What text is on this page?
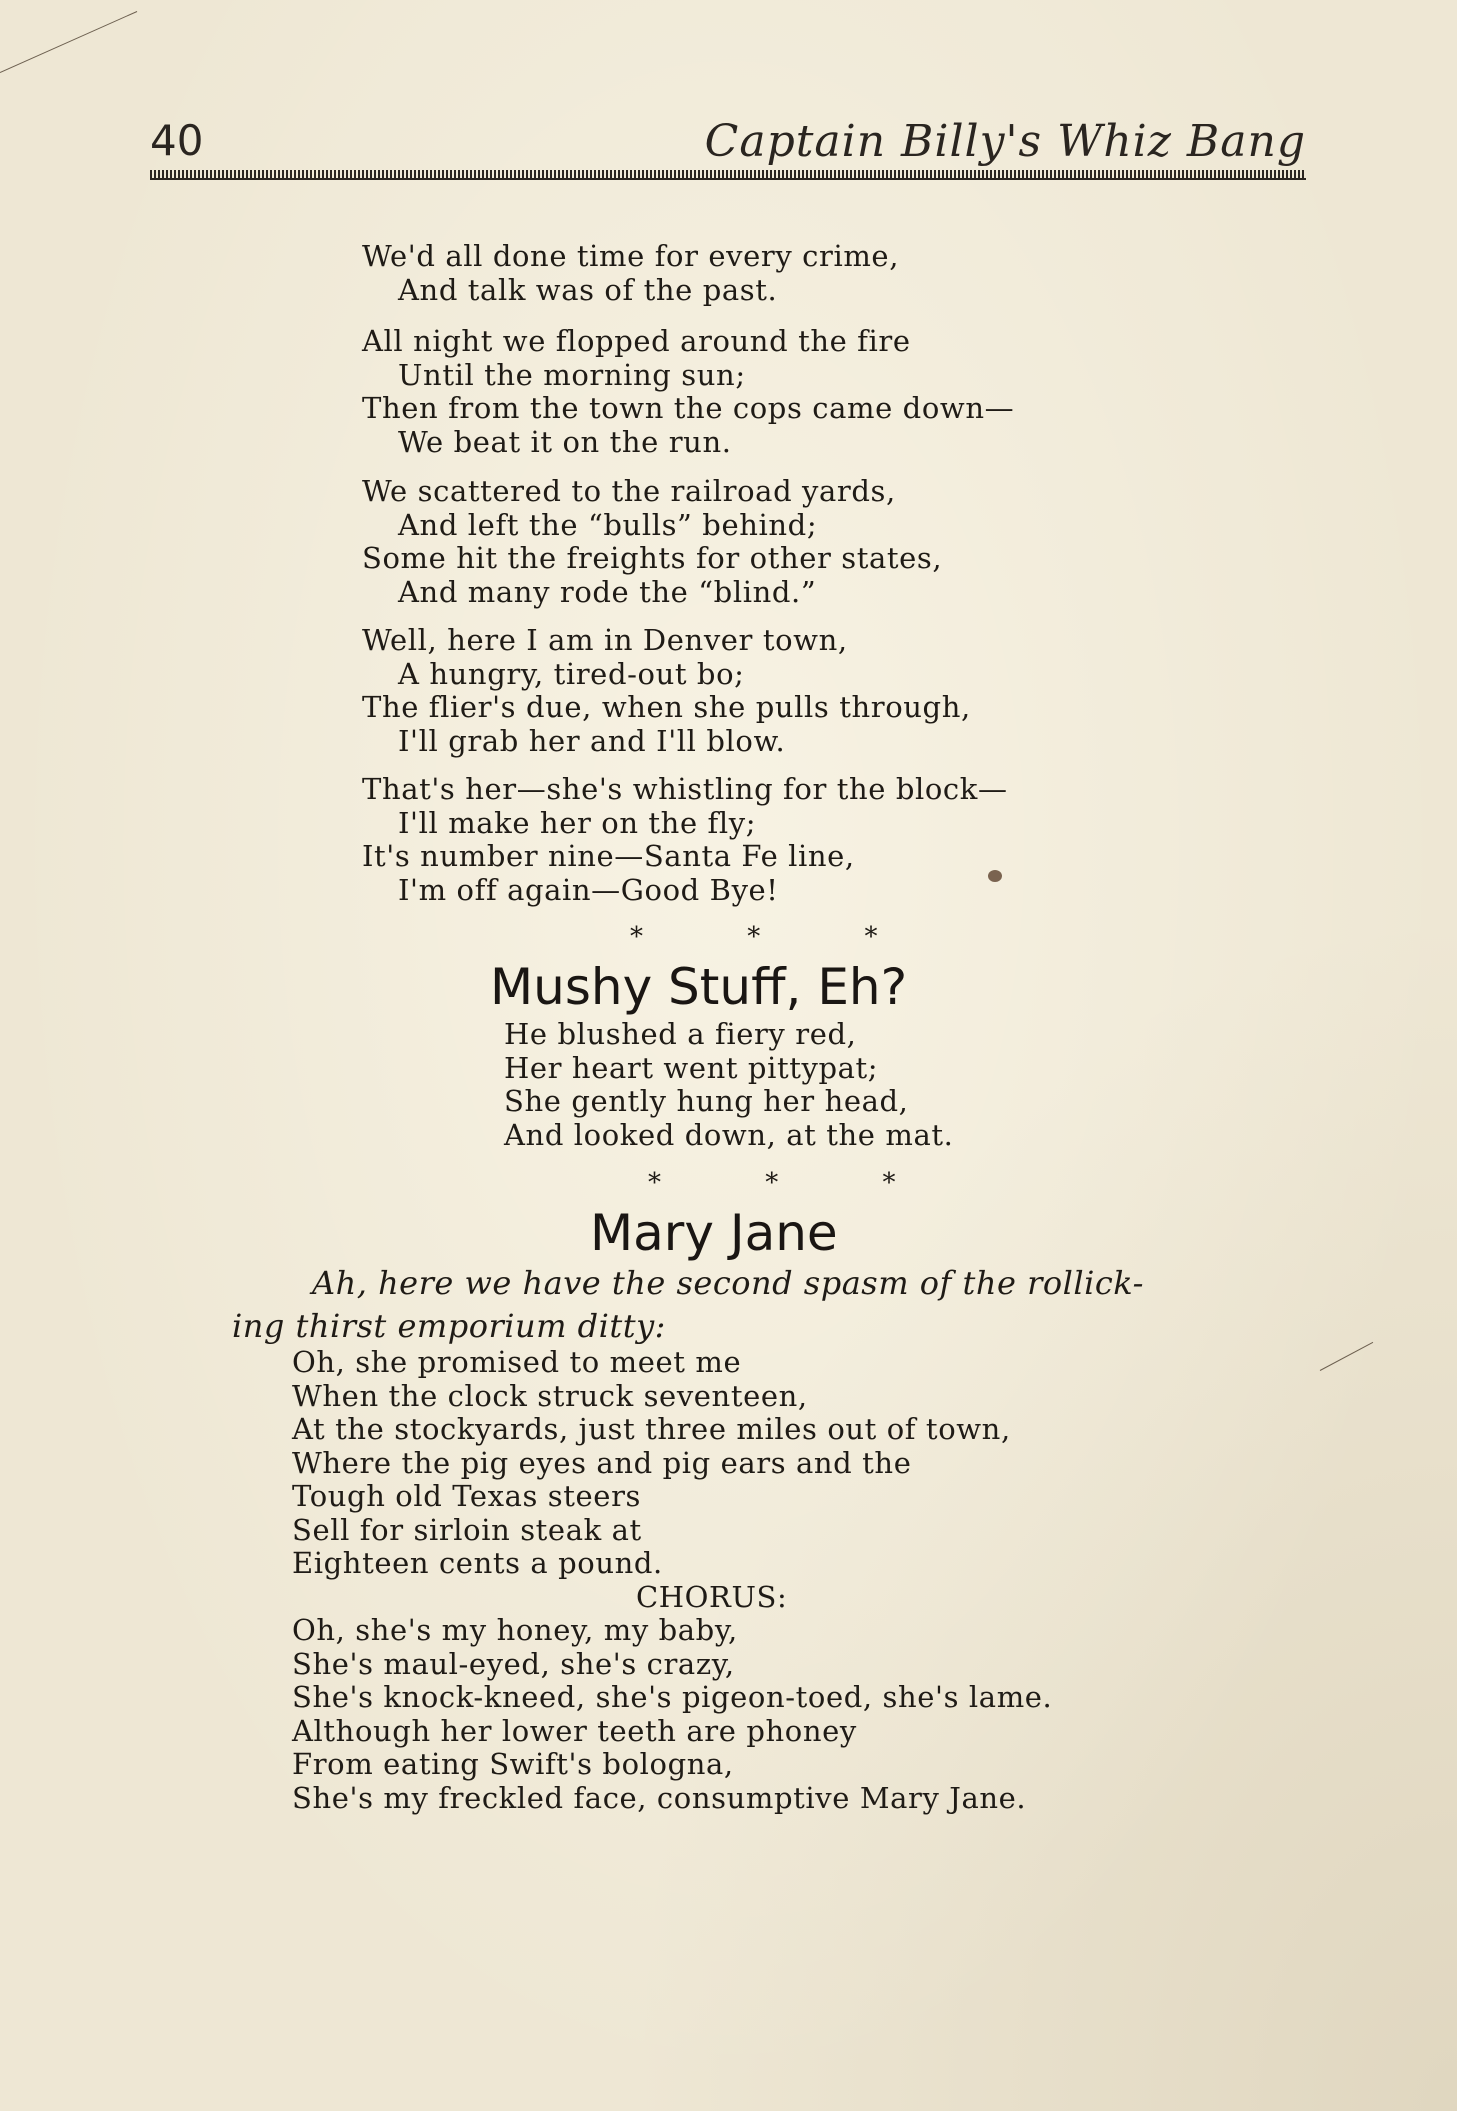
40	Captain Billy's Whiz Bang
We'd all done time for every crime,
And talk was of the past.
All night we flopped around the fire
Until the morning sun;
Then from the town the cops came down—
We beat it on the run.
We scattered to the railroad yards,
And left the “bulls” behind;
Some hit the freights for other states,
And many rode the “blind.”
Well, here I am in Denver town,
A hungry, tired-out bo;
The flier's due, when she pulls through,
I'll grab her and I'll blow.
That's her—she's whistling for the block—
I'll make her on the fly;
It's number nine—Santa Fe line,
I'm off again—Good Bye!
* * *
Mushy Stuff, Eh?
He blushed a fiery red,
Her heart went pittypat;
She gently hung her head,
And looked down, at the mat.
* * *
Mary Jane
Ah, here we have the second spasm of the rollick-
ing thirst emporium ditty:
Oh, she promised to meet me
When the clock struck seventeen,
At the stockyards, just three miles out of town,
Where the pig eyes and pig ears and the
Tough old Texas steers
Sell for sirloin steak at
Eighteen cents a pound.
CHORUS:
Oh, she's my honey, my baby,
She's maul-eyed, she's crazy,
She's knock-kneed, she's pigeon-toed, she's lame.
Although her lower teeth are phoney
From eating Swift's bologna,
She's my freckled face, consumptive Mary Jane.
